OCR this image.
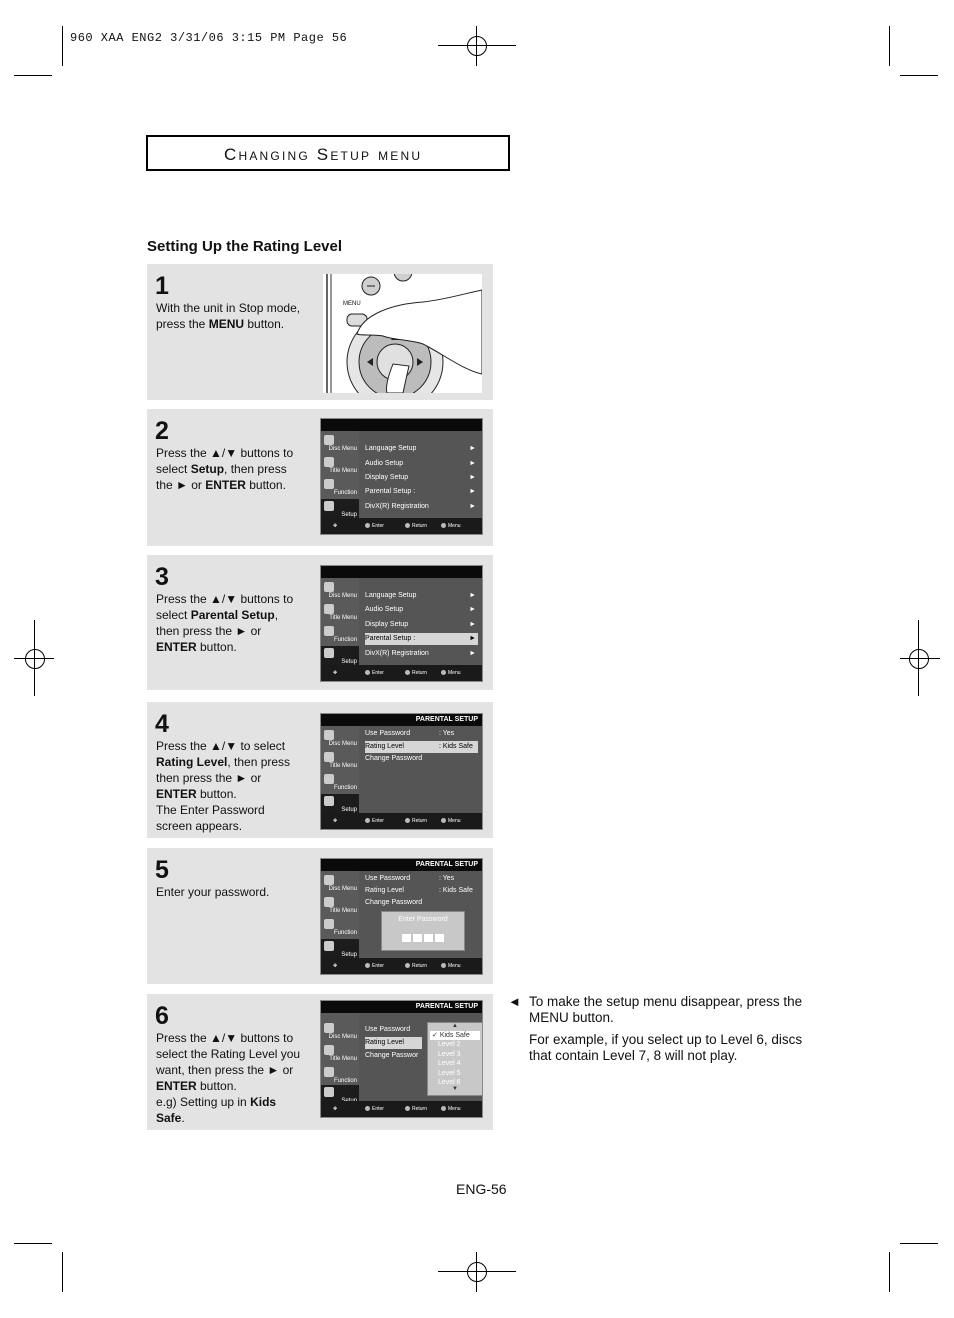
960 XAA ENG2 3/31/06 3:15 PM Page 56
Changing Setup menu
Setting Up the Rating Level
1
With the unit in Stop mode, press the MENU button.
MENU
2
Press the ▲/▼ buttons to select Setup, then press the ► or ENTER button.
Disc Menu
Title Menu
Function
Setup
Language Setup	►
Audio Setup	►
Display Setup	►
Parental Setup :	►
DivX(R) Registration	►
✥	Enter	Return	Menu
3
Press the ▲/▼ buttons to select Parental Setup, then press the ► or ENTER button.
Disc Menu
Title Menu
Function
Setup
Language Setup	►
Audio Setup	►
Display Setup	►
Parental Setup :	►
DivX(R) Registration	►
✥	Enter	Return	Menu
4
Press the ▲/▼ to select Rating Level, then press then press the ► or ENTER button.
The Enter Password screen appears.
PARENTAL SETUP
Disc Menu
Title Menu
Function
Setup
Use Password	: Yes
Rating Level	: Kids Safe
Change Password
✥	Enter	Return	Menu
5
Enter your password.
PARENTAL SETUP
Disc Menu
Title Menu
Function
Setup
Use Password	: Yes
Rating Level	: Kids Safe
Change Password
Enter Password
✥	Enter	Return	Menu
6
Press the ▲/▼ buttons to select the Rating Level you want, then press the ► or ENTER button.
e.g) Setting up in Kids Safe.
PARENTAL SETUP
Disc Menu
Title Menu
Function
Use Password
Rating Level
Change Passwor
▲
✓ Kids Safe
Level 2
Level 3
Level 4
Level 5
Level 6
▼
✥	Enter	Return	Menu
◄ To make the setup menu disappear, press the MENU button.
For example, if you select up to Level 6, discs that contain Level 7, 8 will not play.
ENG-56
